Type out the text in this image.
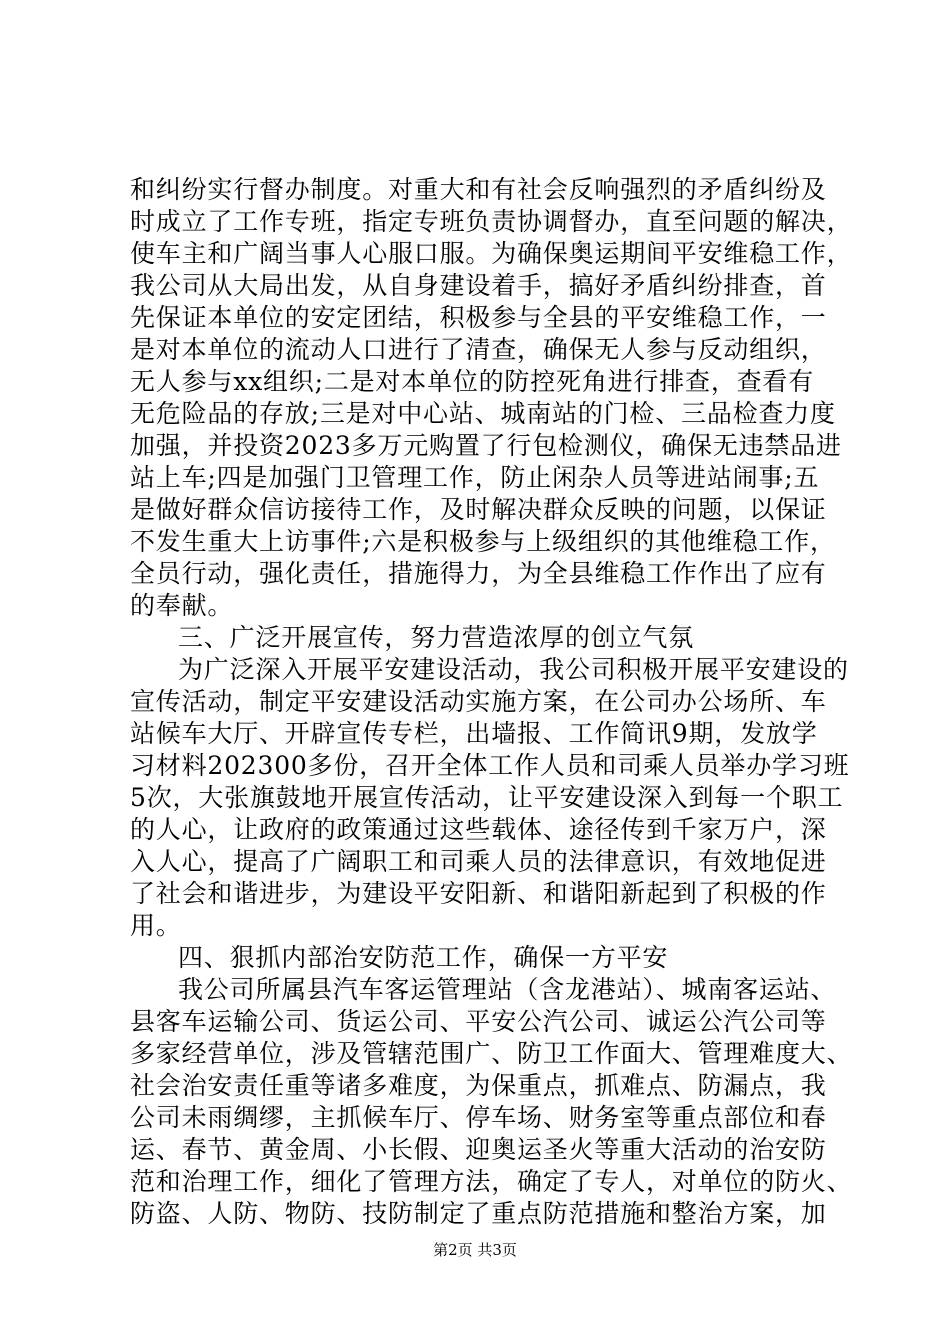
和纠纷实行督办制度。对重大和有社会反响强烈的矛盾纠纷及
时成立了工作专班，指定专班负责协调督办，直至问题的解决，
使车主和广阔当事人心服口服。为确保奥运期间平安维稳工作，
我公司从大局出发，从自身建设着手，搞好矛盾纠纷排查，首
先保证本单位的安定团结，积极参与全县的平安维稳工作，一
是对本单位的流动人口进行了清查，确保无人参与反动组织，
无人参与xx组织;二是对本单位的防控死角进行排查，查看有
无危险品的存放;三是对中心站、城南站的门检、三品检查力度
加强，并投资2023多万元购置了行包检测仪，确保无违禁品进
站上车;四是加强门卫管理工作，防止闲杂人员等进站闹事;五
是做好群众信访接待工作，及时解决群众反映的问题，以保证
不发生重大上访事件;六是积极参与上级组织的其他维稳工作，
全员行动，强化责任，措施得力，为全县维稳工作作出了应有
的奉献。
三、广泛开展宣传，努力营造浓厚的创立气氛
为广泛深入开展平安建设活动，我公司积极开展平安建设的
宣传活动，制定平安建设活动实施方案，在公司办公场所、车
站候车大厅、开辟宣传专栏，出墙报、工作简讯9期，发放学
习材料202300多份，召开全体工作人员和司乘人员举办学习班
5次，大张旗鼓地开展宣传活动，让平安建设深入到每一个职工
的人心，让政府的政策通过这些载体、途径传到千家万户，深
入人心，提高了广阔职工和司乘人员的法律意识，有效地促进
了社会和谐进步，为建设平安阳新、和谐阳新起到了积极的作
用。
四、狠抓内部治安防范工作，确保一方平安
我公司所属县汽车客运管理站（含龙港站）、城南客运站、
县客车运输公司、货运公司、平安公汽公司、诚运公汽公司等
多家经营单位，涉及管辖范围广、防卫工作面大、管理难度大、
社会治安责任重等诸多难度，为保重点，抓难点、防漏点，我
公司未雨绸缪，主抓候车厅、停车场、财务室等重点部位和春
运、春节、黄金周、小长假、迎奥运圣火等重大活动的治安防
范和治理工作，细化了管理方法，确定了专人，对单位的防火、
防盗、人防、物防、技防制定了重点防范措施和整治方案，加
第2页 共3页
